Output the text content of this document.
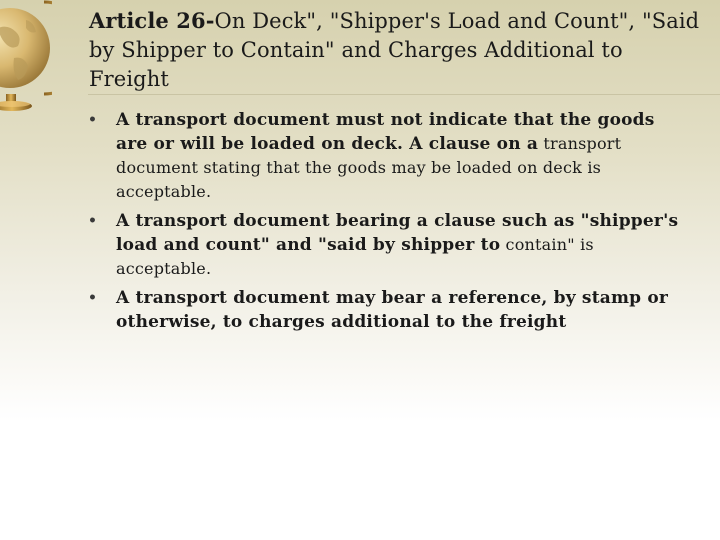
Article 26-On Deck", "Shipper's Load and Count", "Said by Shipper to Contain" and Charges Additional to Freight
• A transport document must not indicate that the goods are or will be loaded on deck. A clause on a transport document stating that the goods may be loaded on deck is acceptable.
• A transport document bearing a clause such as "shipper's load and count" and "said by shipper to contain" is acceptable.
• A transport document may bear a reference, by stamp or otherwise, to charges additional to the freight
